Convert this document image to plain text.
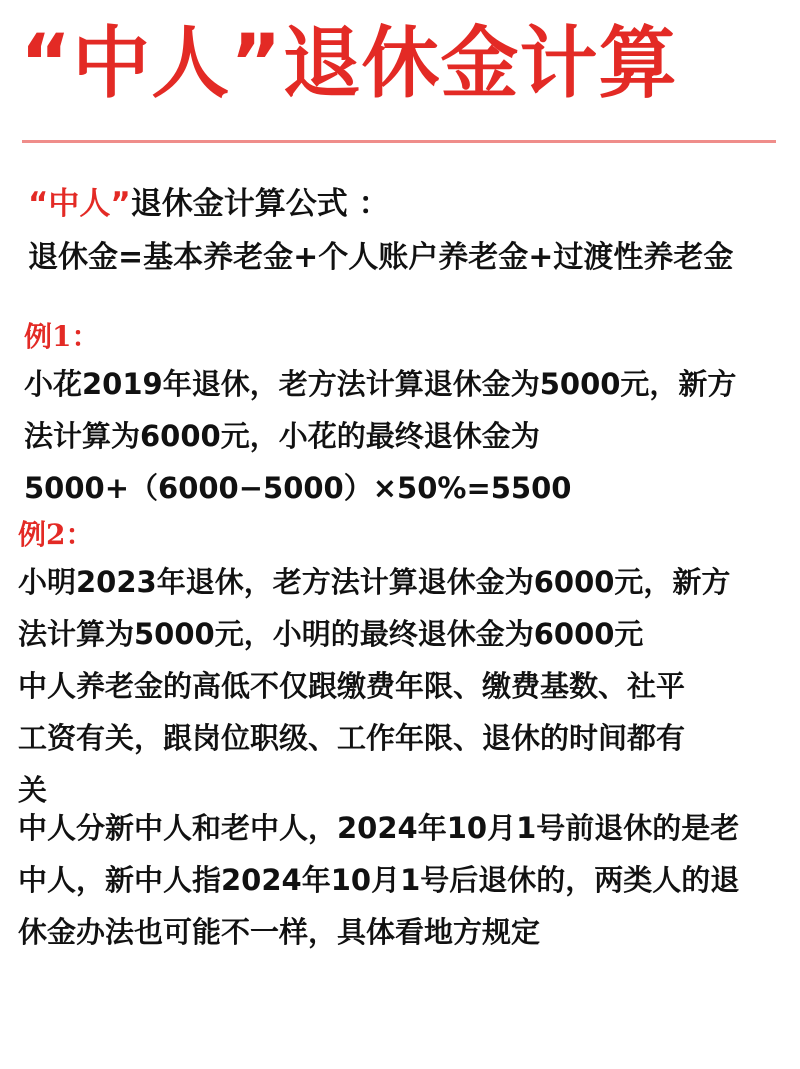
“中人”退休金计算
“中人”退休金计算公式 ：
退休金=基本养老金+个人账户养老金+过渡性养老金
例1：
小花2019年退休，老方法计算退休金为5000元，新方
法计算为6000元，小花的最终退休金为
5000+（6000−5000）×50%=5500
例2：
小明2023年退休，老方法计算退休金为6000元，新方
法计算为5000元，小明的最终退休金为6000元
中人养老金的高低不仅跟缴费年限、缴费基数、社平
工资有关，跟岗位职级、工作年限、退休的时间都有
关
中人分新中人和老中人，2024年10月1号前退休的是老
中人，新中人指2024年10月1号后退休的，两类人的退
休金办法也可能不一样，具体看地方规定
